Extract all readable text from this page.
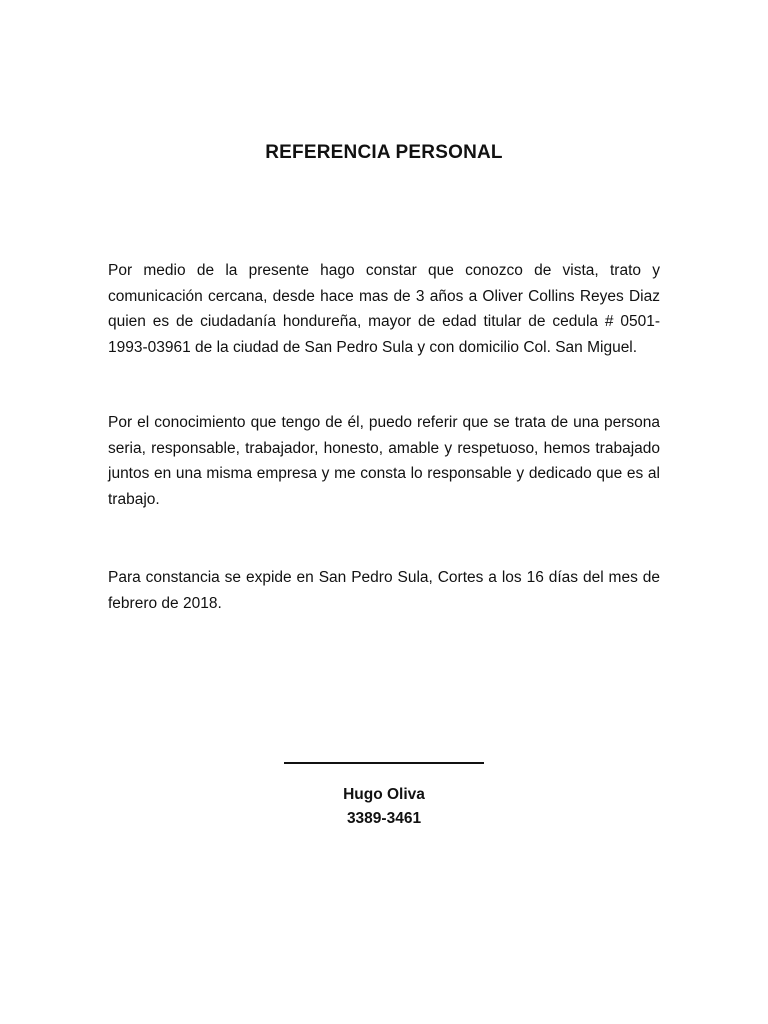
REFERENCIA PERSONAL
Por medio de la presente hago constar que conozco de vista, trato y comunicación cercana, desde hace mas de 3 años a Oliver Collins Reyes Diaz quien es de ciudadanía hondureña, mayor de edad titular de cedula # 0501-1993-03961 de la ciudad de San Pedro Sula y con domicilio Col. San Miguel.
Por el conocimiento que tengo de él, puedo referir que se trata de una persona seria, responsable, trabajador, honesto, amable y respetuoso, hemos trabajado juntos en una misma empresa y me consta lo responsable y dedicado que es al trabajo.
Para constancia se expide en San Pedro Sula, Cortes a los 16 días del mes de febrero de 2018.
Hugo Oliva
3389-3461
